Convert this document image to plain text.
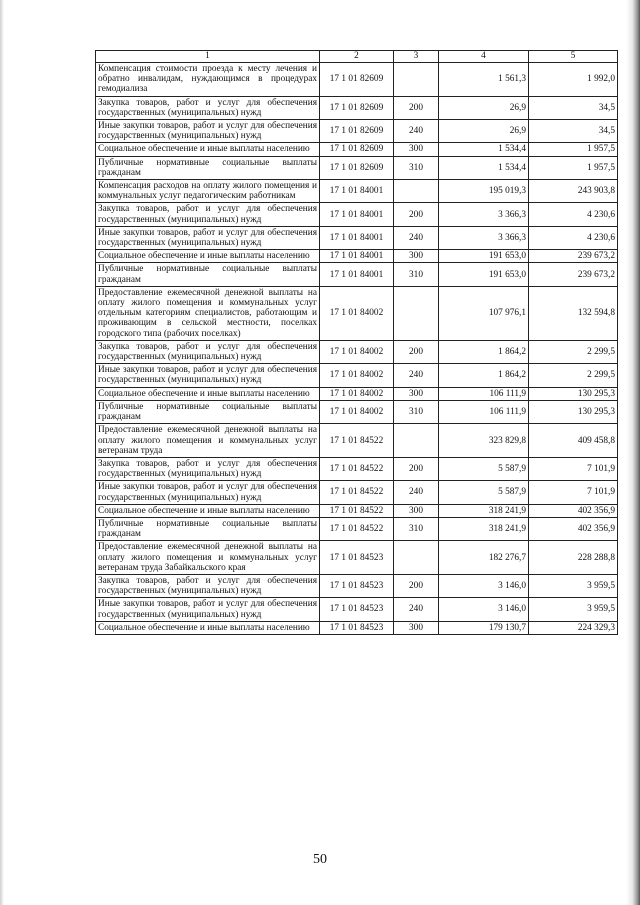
1	2	3	4	5
Компенсация стоимости проезда к месту лечения и обратно инвалидам, нуждающимся в процедурах гемодиализа	17 1 01 82609		1 561,3	1 992,0
Закупка товаров, работ и услуг для обеспечения государственных (муниципальных) нужд	17 1 01 82609	200	26,9	34,5
Иные закупки товаров, работ и услуг для обеспечения государственных (муниципальных) нужд	17 1 01 82609	240	26,9	34,5
Социальное обеспечение и иные выплаты населению	17 1 01 82609	300	1 534,4	1 957,5
Публичные нормативные социальные выплаты гражданам	17 1 01 82609	310	1 534,4	1 957,5
Компенсация расходов на оплату жилого помещения и коммунальных услуг педагогическим работникам	17 1 01 84001		195 019,3	243 903,8
Закупка товаров, работ и услуг для обеспечения государственных (муниципальных) нужд	17 1 01 84001	200	3 366,3	4 230,6
Иные закупки товаров, работ и услуг для обеспечения государственных (муниципальных) нужд	17 1 01 84001	240	3 366,3	4 230,6
Социальное обеспечение и иные выплаты населению	17 1 01 84001	300	191 653,0	239 673,2
Публичные нормативные социальные выплаты гражданам	17 1 01 84001	310	191 653,0	239 673,2
Предоставление ежемесячной денежной выплаты на оплату жилого помещения и коммунальных услуг отдельным категориям специалистов, работающим и проживающим в сельской местности, поселках городского типа (рабочих поселках)	17 1 01 84002		107 976,1	132 594,8
Закупка товаров, работ и услуг для обеспечения государственных (муниципальных) нужд	17 1 01 84002	200	1 864,2	2 299,5
Иные закупки товаров, работ и услуг для обеспечения государственных (муниципальных) нужд	17 1 01 84002	240	1 864,2	2 299,5
Социальное обеспечение и иные выплаты населению	17 1 01 84002	300	106 111,9	130 295,3
Публичные нормативные социальные выплаты гражданам	17 1 01 84002	310	106 111,9	130 295,3
Предоставление ежемесячной денежной выплаты на оплату жилого помещения и коммунальных услуг ветеранам труда	17 1 01 84522		323 829,8	409 458,8
Закупка товаров, работ и услуг для обеспечения государственных (муниципальных) нужд	17 1 01 84522	200	5 587,9	7 101,9
Иные закупки товаров, работ и услуг для обеспечения государственных (муниципальных) нужд	17 1 01 84522	240	5 587,9	7 101,9
Социальное обеспечение и иные выплаты населению	17 1 01 84522	300	318 241,9	402 356,9
Публичные нормативные социальные выплаты гражданам	17 1 01 84522	310	318 241,9	402 356,9
Предоставление ежемесячной денежной выплаты на оплату жилого помещения и коммунальных услуг ветеранам труда Забайкальского края	17 1 01 84523		182 276,7	228 288,8
Закупка товаров, работ и услуг для обеспечения государственных (муниципальных) нужд	17 1 01 84523	200	3 146,0	3 959,5
Иные закупки товаров, работ и услуг для обеспечения государственных (муниципальных) нужд	17 1 01 84523	240	3 146,0	3 959,5
Социальное обеспечение и иные выплаты населению	17 1 01 84523	300	179 130,7	224 329,3
50
